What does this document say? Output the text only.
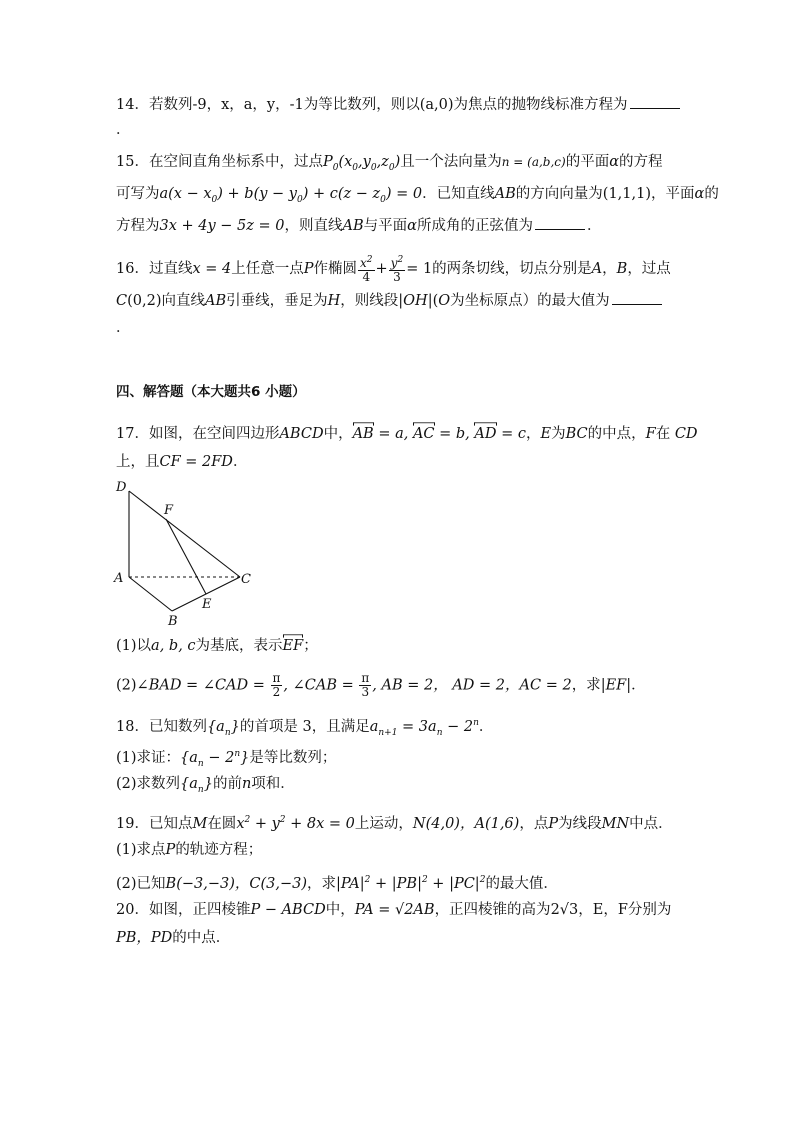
14．若数列-9，x，a，y，-1为等比数列，则以(a,0)为焦点的抛物线标准方程为
．
15．在空间直角坐标系中，过点$P_0(x_0,y_0,z_0)$且一个法向量为n = (a,b,c)的平面α的方程
可写为$a(x - x_0) + b(y - y_0) + c(z - z_0) = 0$．已知直线AB的方向向量为(1,1,1)，平面α的
方程为3x + 4y − 5z = 0，则直线AB与平面α所成角的正弦值为	．
16．过直线x = 4上任意一点P作椭圆 $\frac{x^2}{4} + \frac{y^2}{3} = 1$的两条切线，切点分别是A，B，过点
C(0,2)向直线AB引垂线，垂足为H，则线段|OH|(O为坐标原点）的最大值为
．
四、解答题（本大题共6 小题）
17．如图，在空间四边形ABCD中，AB = a, AC = b, AD = c，E为BC的中点，F在 CD
上，且CF = 2FD．
D
F
A	C
E
B
(1)以a, b, c为基底，表示EF；
(2)∠BAD = ∠CAD = $\frac{\pi}{2}$ , ∠CAB = $\frac{\pi}{3}$ , AB = 2， AD = 2，AC = 2，求|EF|．
18．已知数列$\{a_n\}$的首项是 3，且满足$a_{n+1} = 3a_n - 2^n$．
(1)求证：$\{a_n - 2^n\}$是等比数列；
(2)求数列$\{a_n\}$的前n项和．
19．已知点M在圆$x^2 + y^2 + 8x = 0$上运动，N(4,0)，A(1,6)，点P为线段MN中点．
(1)求点P的轨迹方程；
(2)已知B(−3,−3)，C(3,−3)，求$|PA|^2 + |PB|^2 + |PC|^2$的最大值．
20．如图，正四棱锥P − ABCD中，PA = √2AB，正四棱锥的高为2√3，E，F分别为
PB，PD的中点．
